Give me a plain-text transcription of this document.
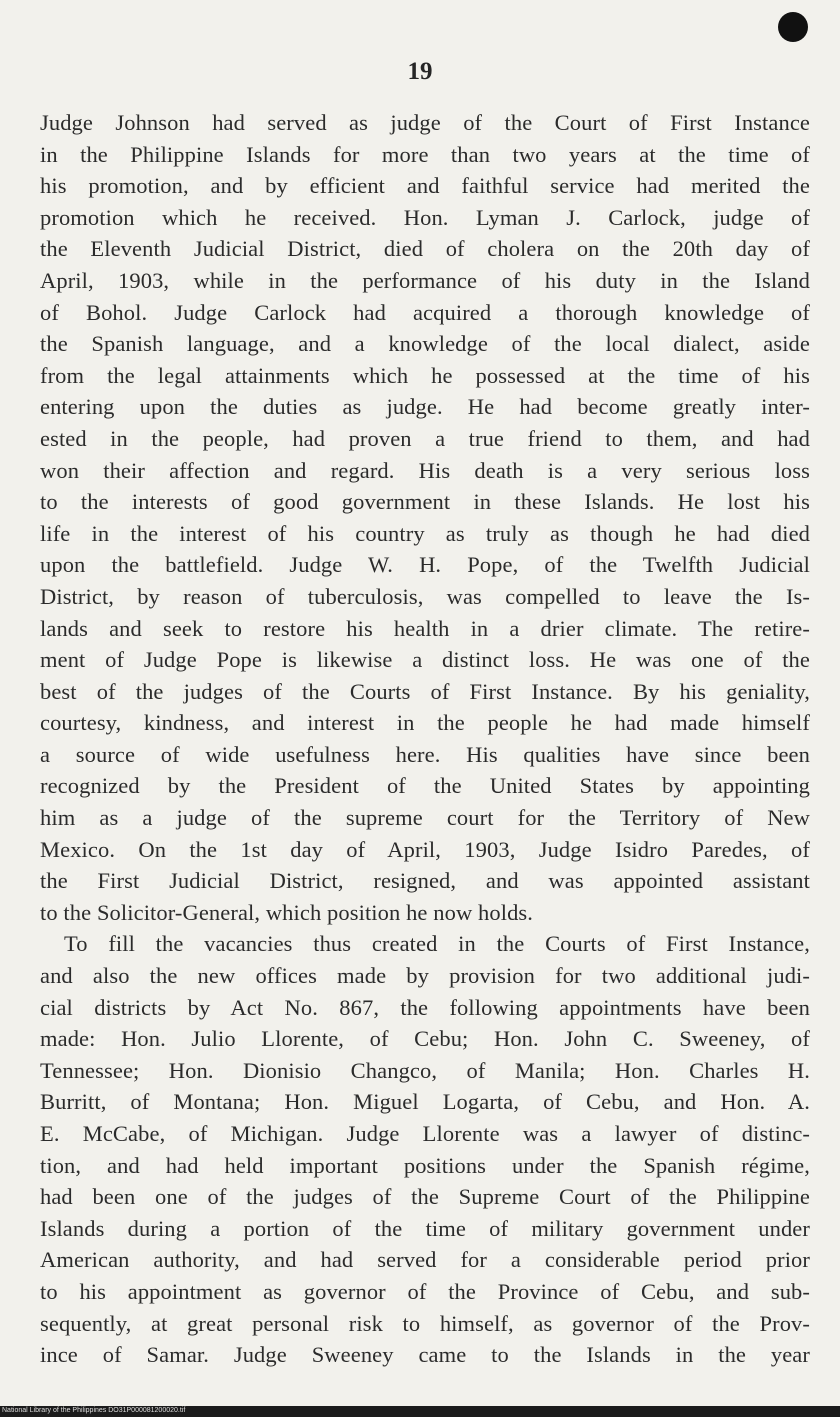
19
Judge Johnson had served as judge of the Court of First Instance
in the Philippine Islands for more than two years at the time of
his promotion, and by efficient and faithful service had merited the
promotion which he received. Hon. Lyman J. Carlock, judge of
the Eleventh Judicial District, died of cholera on the 20th day of
April, 1903, while in the performance of his duty in the Island
of Bohol. Judge Carlock had acquired a thorough knowledge of
the Spanish language, and a knowledge of the local dialect, aside
from the legal attainments which he possessed at the time of his
entering upon the duties as judge. He had become greatly inter-
ested in the people, had proven a true friend to them, and had
won their affection and regard. His death is a very serious loss
to the interests of good government in these Islands. He lost his
life in the interest of his country as truly as though he had died
upon the battlefield. Judge W. H. Pope, of the Twelfth Judicial
District, by reason of tuberculosis, was compelled to leave the Is-
lands and seek to restore his health in a drier climate. The retire-
ment of Judge Pope is likewise a distinct loss. He was one of the
best of the judges of the Courts of First Instance. By his geniality,
courtesy, kindness, and interest in the people he had made himself
a source of wide usefulness here. His qualities have since been
recognized by the President of the United States by appointing
him as a judge of the supreme court for the Territory of New
Mexico. On the 1st day of April, 1903, Judge Isidro Paredes, of
the First Judicial District, resigned, and was appointed assistant
to the Solicitor-General, which position he now holds.
To fill the vacancies thus created in the Courts of First Instance,
and also the new offices made by provision for two additional judi-
cial districts by Act No. 867, the following appointments have been
made: Hon. Julio Llorente, of Cebu; Hon. John C. Sweeney, of
Tennessee; Hon. Dionisio Changco, of Manila; Hon. Charles H.
Burritt, of Montana; Hon. Miguel Logarta, of Cebu, and Hon. A.
E. McCabe, of Michigan. Judge Llorente was a lawyer of distinc-
tion, and had held important positions under the Spanish régime,
had been one of the judges of the Supreme Court of the Philippine
Islands during a portion of the time of military government under
American authority, and had served for a considerable period prior
to his appointment as governor of the Province of Cebu, and sub-
sequently, at great personal risk to himself, as governor of the Prov-
ince of Samar. Judge Sweeney came to the Islands in the year
National Library of the Philippines DO31P000081200020.tif
